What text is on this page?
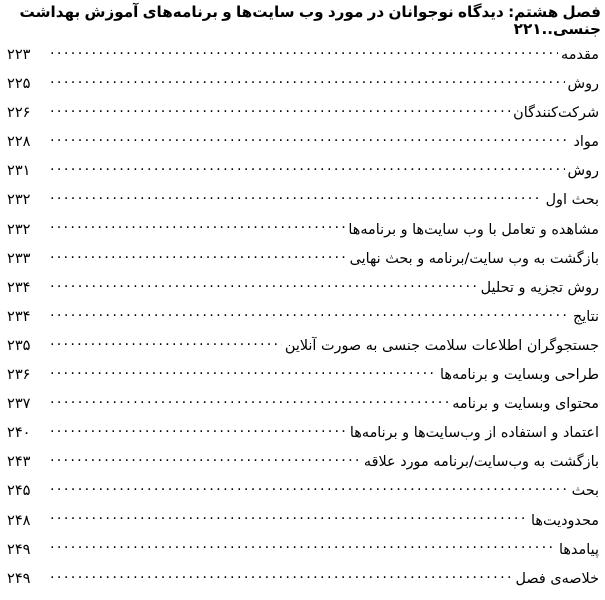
فصل هشتم: دیدگاه نوجوانان در مورد وب سایت‌ها و برنامه‌های آموزش بهداشت جنسی..۲۲۱
مقدمه
.....
۲۲۳
روش
.....
۲۲۵
شرکت‌کنندگان
.....
۲۲۶
مواد
.....
۲۲۸
روش
.....
۲۳۱
بحث اول
.....
۲۳۲
مشاهده و تعامل با وب سایت‌ها و برنامه‌ها
.....
۲۳۲
بازگشت به وب سایت/برنامه و بحث نهایی
.....
۲۳۳
روش تجزیه و تحلیل
.....
۲۳۴
نتایج
.....
۲۳۴
جستجوگران اطلاعات سلامت جنسی به صورت آنلاین
.....
۲۳۵
طراحی وبسایت و برنامه‌ها
.....
۲۳۶
محتوای وبسایت و برنامه
.....
۲۳۷
اعتماد و استفاده از وب‌سایت‌ها و برنامه‌ها
.....
۲۴۰
بازگشت به وب‌سایت/برنامه مورد علاقه
.....
۲۴۳
بحث
.....
۲۴۵
محدودیت‌ها
.....
۲۴۸
پیامدها
.....
۲۴۹
خلاصه‌ی فصل
.....
۲۴۹
